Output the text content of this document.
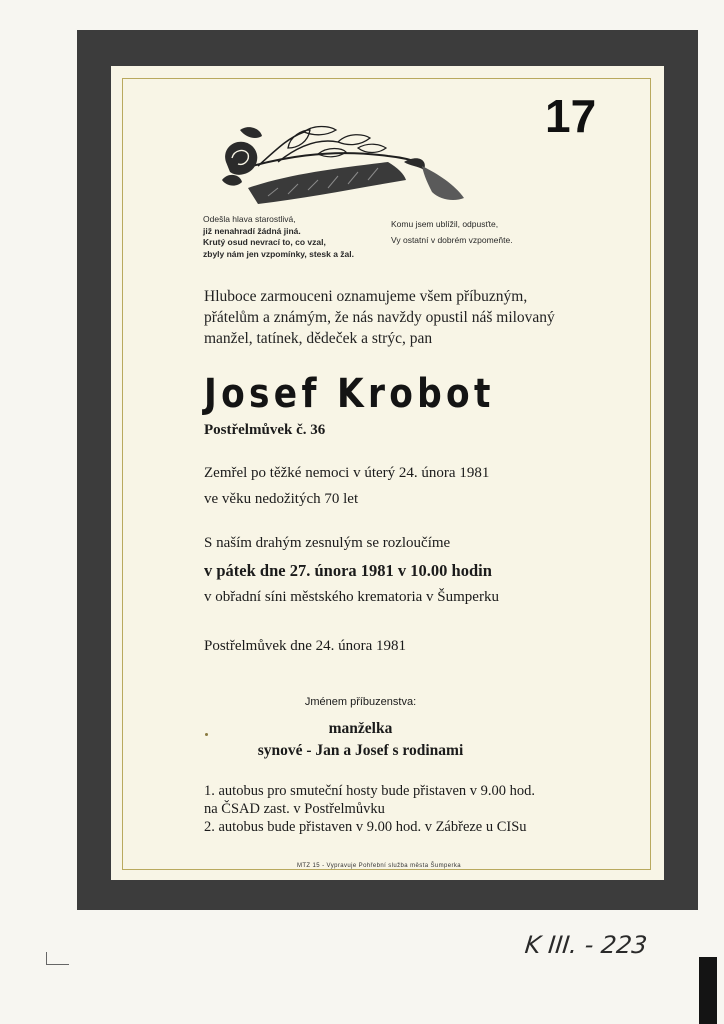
17
Odešla hlava starostlivá,
již nenahradí žádná jiná.
Krutý osud nevrací to, co vzal,
zbyly nám jen vzpomínky, stesk a žal.
Komu jsem ublížil, odpusťte,
Vy ostatní v dobrém vzpomeňte.
Hluboce zarmouceni oznamujeme všem příbuzným,
přátelům a známým, že nás navždy opustil náš milovaný
manžel, tatínek, dědeček a strýc, pan
Josef Krobot
Postřelmůvek č. 36
Zemřel po těžké nemoci v úterý 24. února 1981
ve věku nedožitých 70 let
S naším drahým zesnulým se rozloučíme
v pátek dne 27. února 1981 v 10.00 hodin
v obřadní síni městského krematoria v Šumperku
Postřelmůvek dne 24. února 1981
Jménem příbuzenstva:
manželka
synové - Jan a Josef s rodinami
1. autobus pro smuteční hosty bude přistaven v 9.00 hod.
na ČSAD zast. v Postřelmůvku
2. autobus bude přistaven v 9.00 hod. v Zábřeze u CISu
MTZ 15 - Vypravuje Pohřební služba města Šumperka
K III. - 223
